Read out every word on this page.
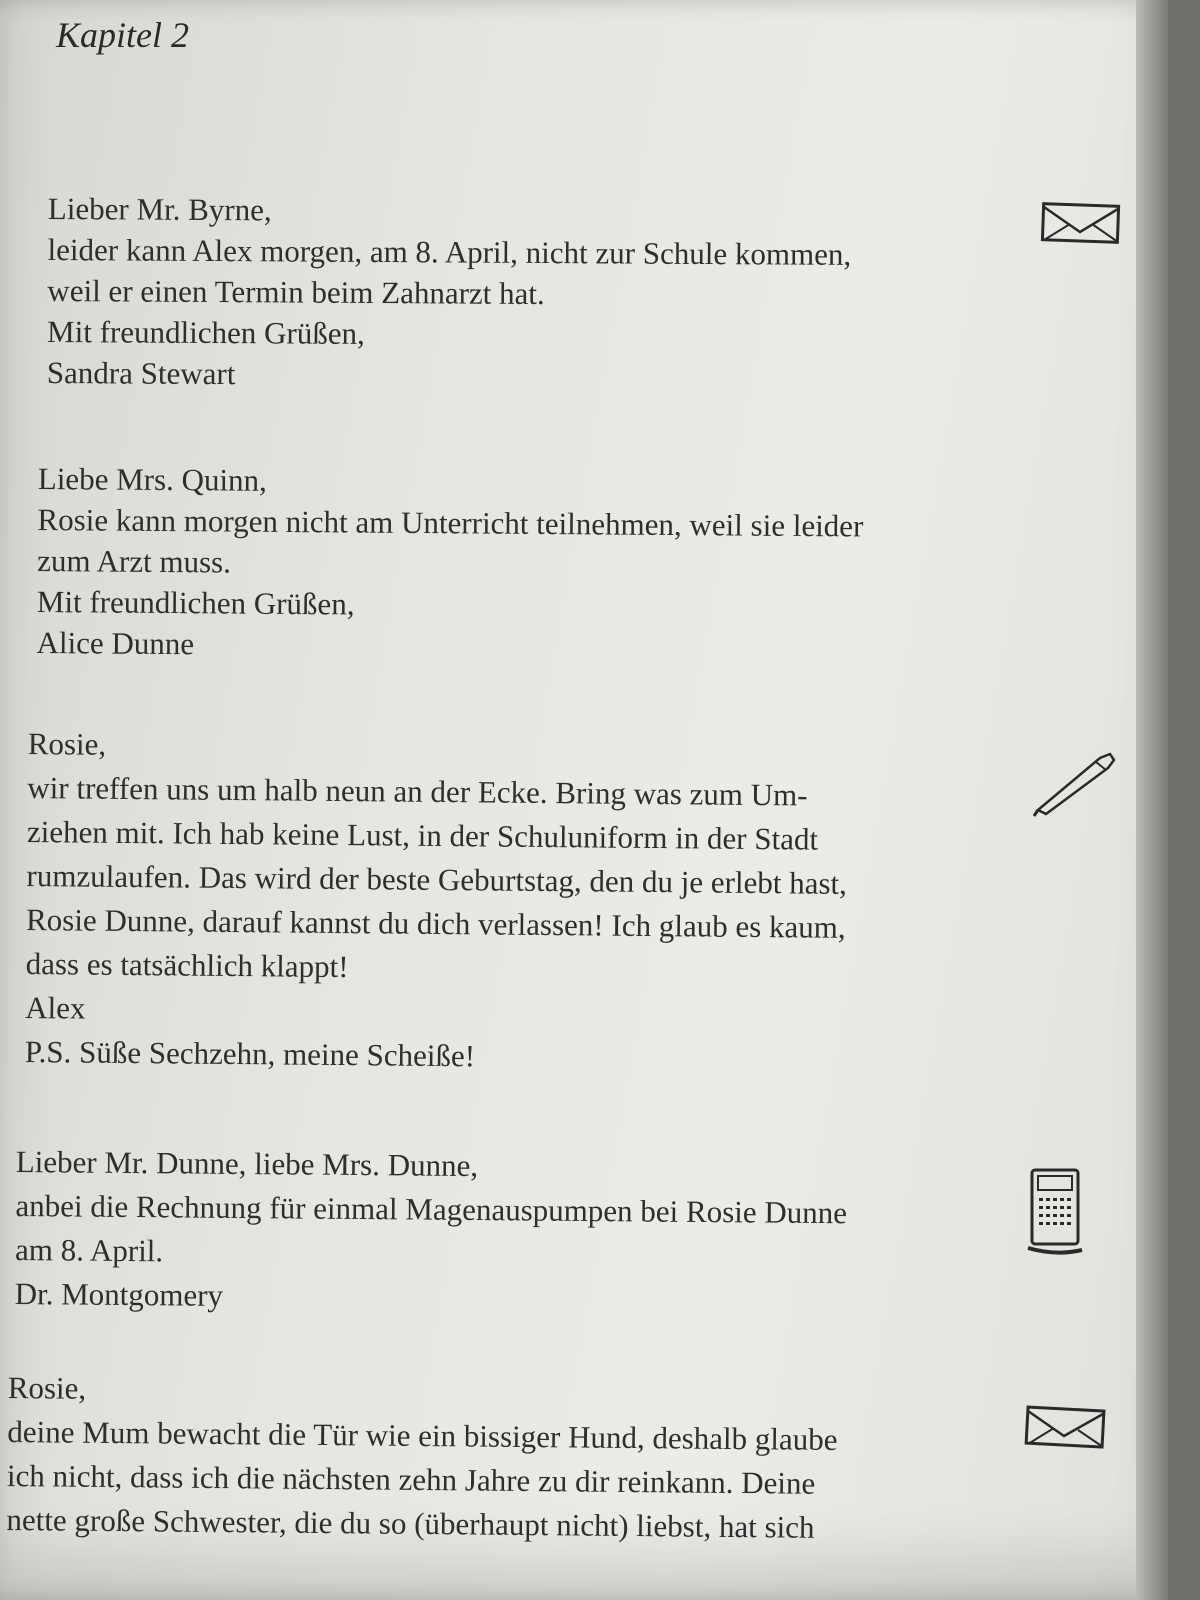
Kapitel 2
Lieber Mr. Byrne,
leider kann Alex morgen, am 8. April, nicht zur Schule kommen,
weil er einen Termin beim Zahnarzt hat.
Mit freundlichen Grüßen,
Sandra Stewart
Liebe Mrs. Quinn,
Rosie kann morgen nicht am Unterricht teilnehmen, weil sie leider
zum Arzt muss.
Mit freundlichen Grüßen,
Alice Dunne
Rosie,
wir treffen uns um halb neun an der Ecke. Bring was zum Um-
ziehen mit. Ich hab keine Lust, in der Schuluniform in der Stadt
rumzulaufen. Das wird der beste Geburtstag, den du je erlebt hast,
Rosie Dunne, darauf kannst du dich verlassen! Ich glaub es kaum,
dass es tatsächlich klappt!
Alex
P.S. Süße Sechzehn, meine Scheiße!
Lieber Mr. Dunne, liebe Mrs. Dunne,
anbei die Rechnung für einmal Magenauspumpen bei Rosie Dunne
am 8. April.
Dr. Montgomery
Rosie,
deine Mum bewacht die Tür wie ein bissiger Hund, deshalb glaube
ich nicht, dass ich die nächsten zehn Jahre zu dir reinkann. Deine
nette große Schwester, die du so (überhaupt nicht) liebst, hat sich
